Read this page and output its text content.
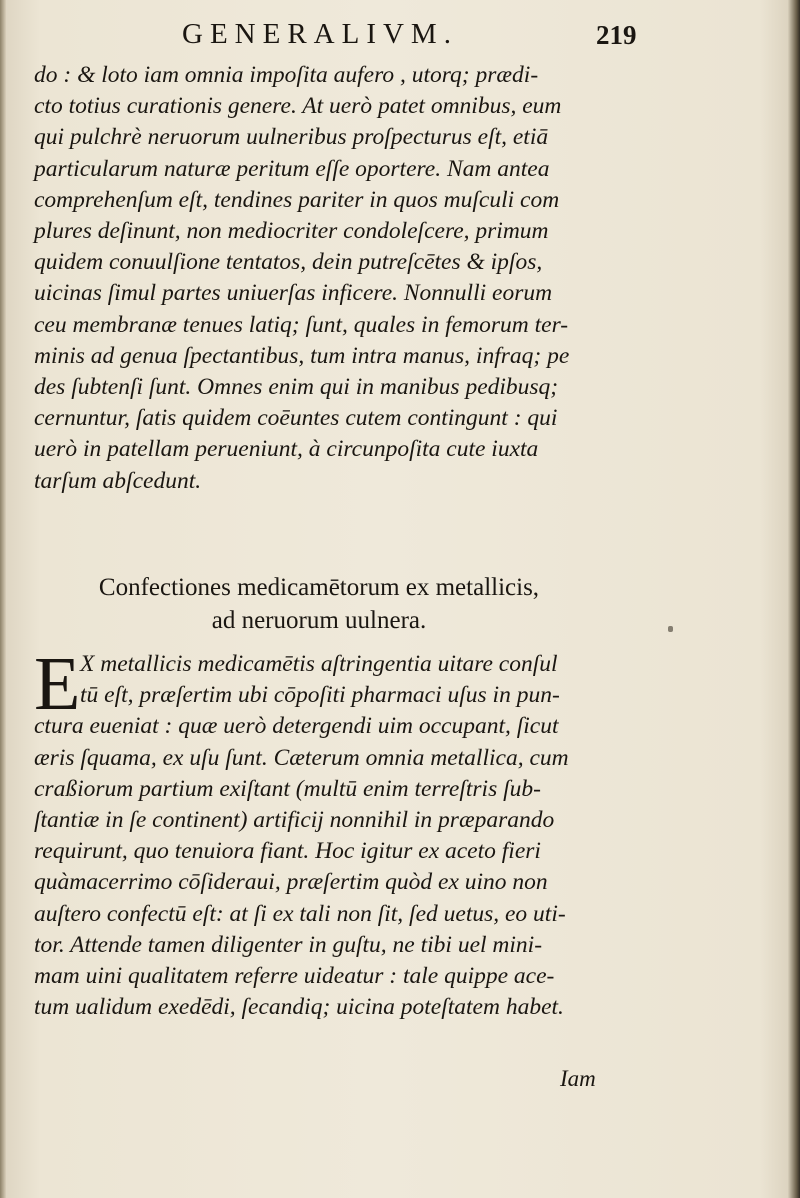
GENERALIVM.	219
do : & loto iam omnia impoſita aufero , utorq; prædi-
cto totius curationis genere. At uerò patet omnibus, eum
qui pulchrè neruorum uulneribus proſpecturus eſt, etiā
particularum naturæ peritum eſſe oportere. Nam antea
comprehenſum eſt, tendines pariter in quos muſculi com
plures deſinunt, non mediocriter condoleſcere, primum
quidem conuulſione tentatos, dein putreſcētes & ipſos,
uicinas ſimul partes uniuerſas inficere. Nonnulli eorum
ceu membranæ tenues latiq; ſunt, quales in femorum ter-
minis ad genua ſpectantibus, tum intra manus, infraq; pe
des ſubtenſi ſunt. Omnes enim qui in manibus pedibusq;
cernuntur, ſatis quidem coēuntes cutem contingunt : qui
uerò in patellam perueniunt, à circunpoſita cute iuxta
tarſum abſcedunt.
Confectiones medicamētorum ex metallicis,
ad neruorum uulnera.
E X metallicis medicamētis aſtringentia uitare conſul
tū eſt, præſertim ubi cōpoſiti pharmaci uſus in pun-
ctura eueniat : quæ uerò detergendi uim occupant, ſicut
æris ſquama, ex uſu ſunt. Cæterum omnia metallica, cum
craßiorum partium exiſtant (multū enim terreſtris ſub-
ſtantiæ in ſe continent) artificij nonnihil in præparando
requirunt, quo tenuiora fiant. Hoc igitur ex aceto fieri
quàmacerrimo cōſideraui, præſertim quòd ex uino non
auſtero confectū eſt: at ſi ex tali non ſit, ſed uetus, eo uti-
tor. Attende tamen diligenter in guſtu, ne tibi uel mini-
mam uini qualitatem referre uideatur : tale quippe ace-
tum ualidum exedēdi, ſecandiq; uicina poteſtatem habet.
Iam
